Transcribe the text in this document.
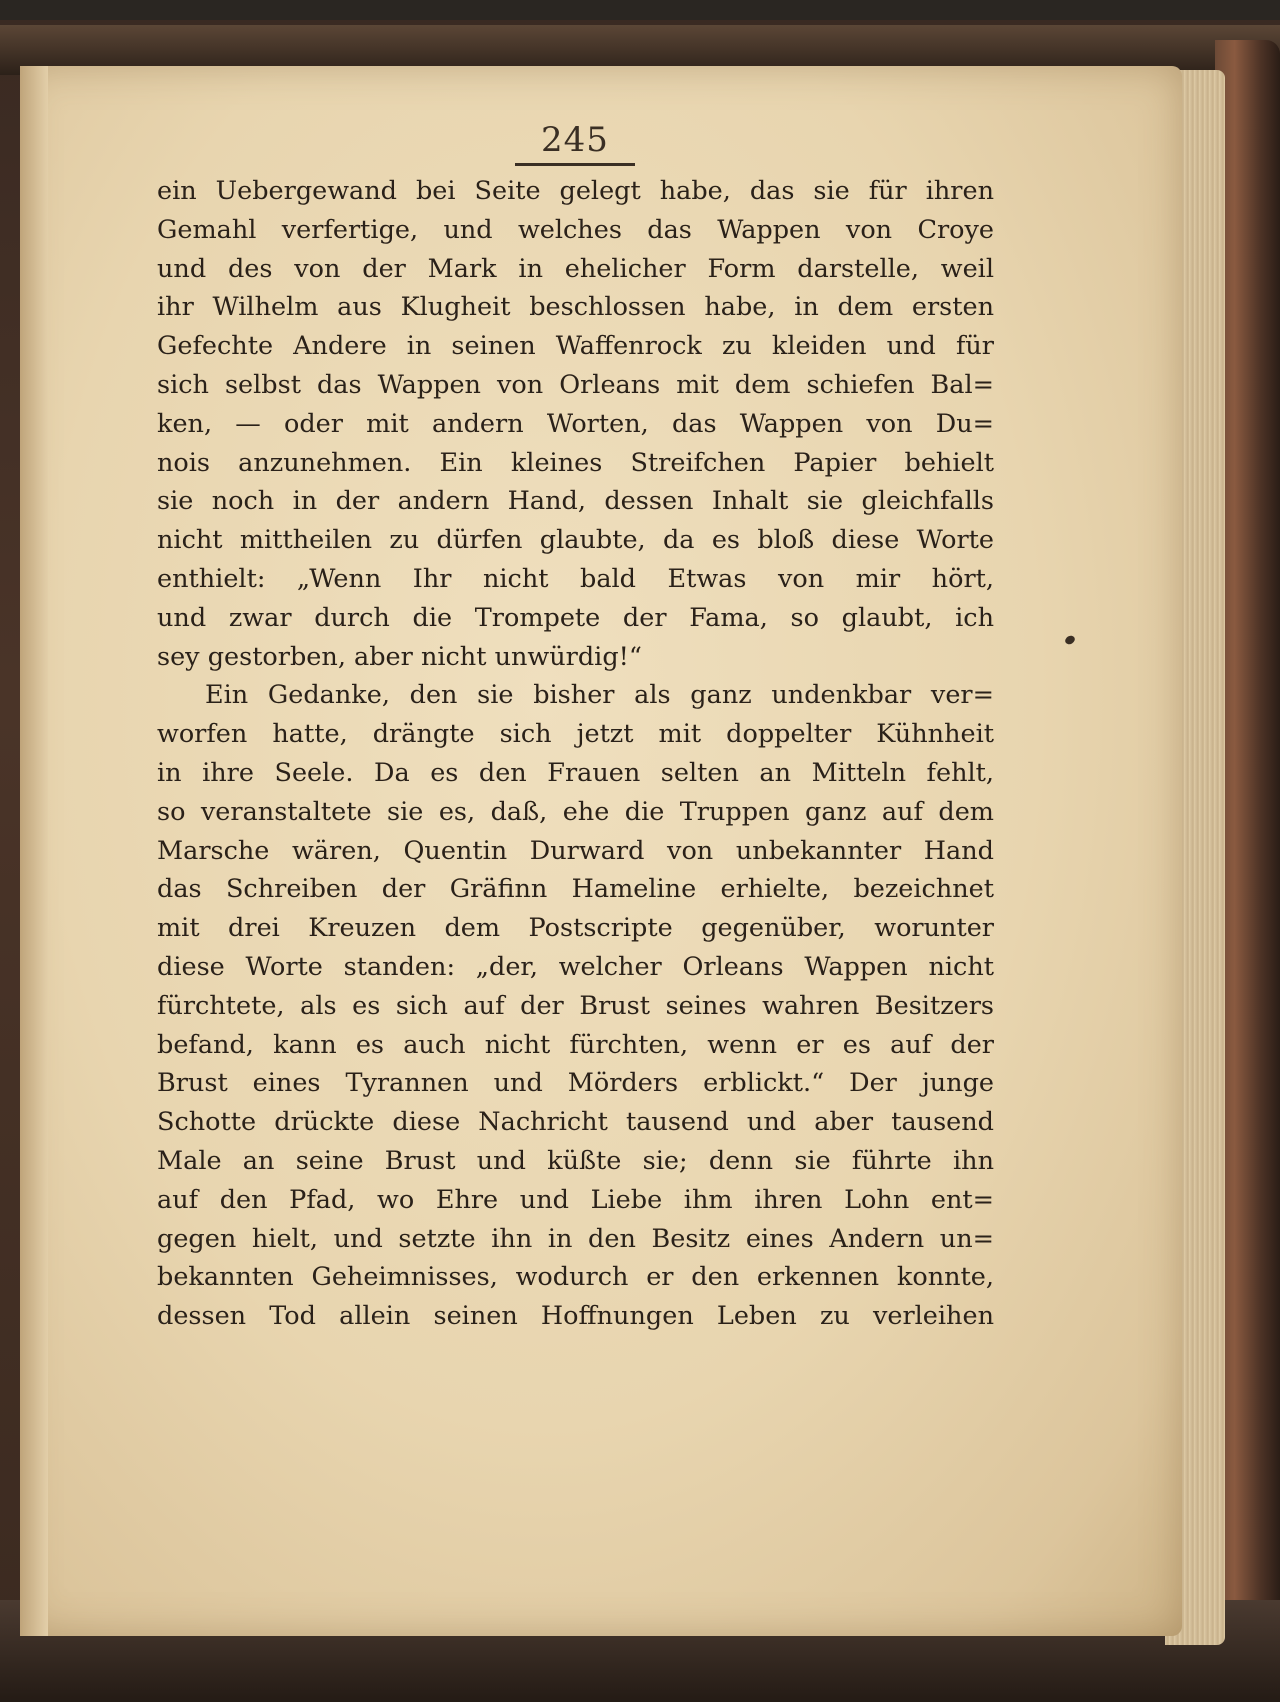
245
ein Uebergewand bei Seite gelegt habe, das sie für ihren
Gemahl verfertige, und welches das Wappen von Croye
und des von der Mark in ehelicher Form darstelle, weil
ihr Wilhelm aus Klugheit beschlossen habe, in dem ersten
Gefechte Andere in seinen Waffenrock zu kleiden und für
sich selbst das Wappen von Orleans mit dem schiefen Bal=
ken, — oder mit andern Worten, das Wappen von Du=
nois anzunehmen. Ein kleines Streifchen Papier behielt
sie noch in der andern Hand, dessen Inhalt sie gleichfalls
nicht mittheilen zu dürfen glaubte, da es bloß diese Worte
enthielt: „Wenn Ihr nicht bald Etwas von mir hört,
und zwar durch die Trompete der Fama, so glaubt, ich
sey gestorben, aber nicht unwürdig!“
Ein Gedanke, den sie bisher als ganz undenkbar ver=
worfen hatte, drängte sich jetzt mit doppelter Kühnheit
in ihre Seele. Da es den Frauen selten an Mitteln fehlt,
so veranstaltete sie es, daß, ehe die Truppen ganz auf dem
Marsche wären, Quentin Durward von unbekannter Hand
das Schreiben der Gräfinn Hameline erhielte, bezeichnet
mit drei Kreuzen dem Postscripte gegenüber, worunter
diese Worte standen: „der, welcher Orleans Wappen nicht
fürchtete, als es sich auf der Brust seines wahren Besitzers
befand, kann es auch nicht fürchten, wenn er es auf der
Brust eines Tyrannen und Mörders erblickt.“ Der junge
Schotte drückte diese Nachricht tausend und aber tausend
Male an seine Brust und küßte sie; denn sie führte ihn
auf den Pfad, wo Ehre und Liebe ihm ihren Lohn ent=
gegen hielt, und setzte ihn in den Besitz eines Andern un=
bekannten Geheimnisses, wodurch er den erkennen konnte,
dessen Tod allein seinen Hoffnungen Leben zu verleihen
